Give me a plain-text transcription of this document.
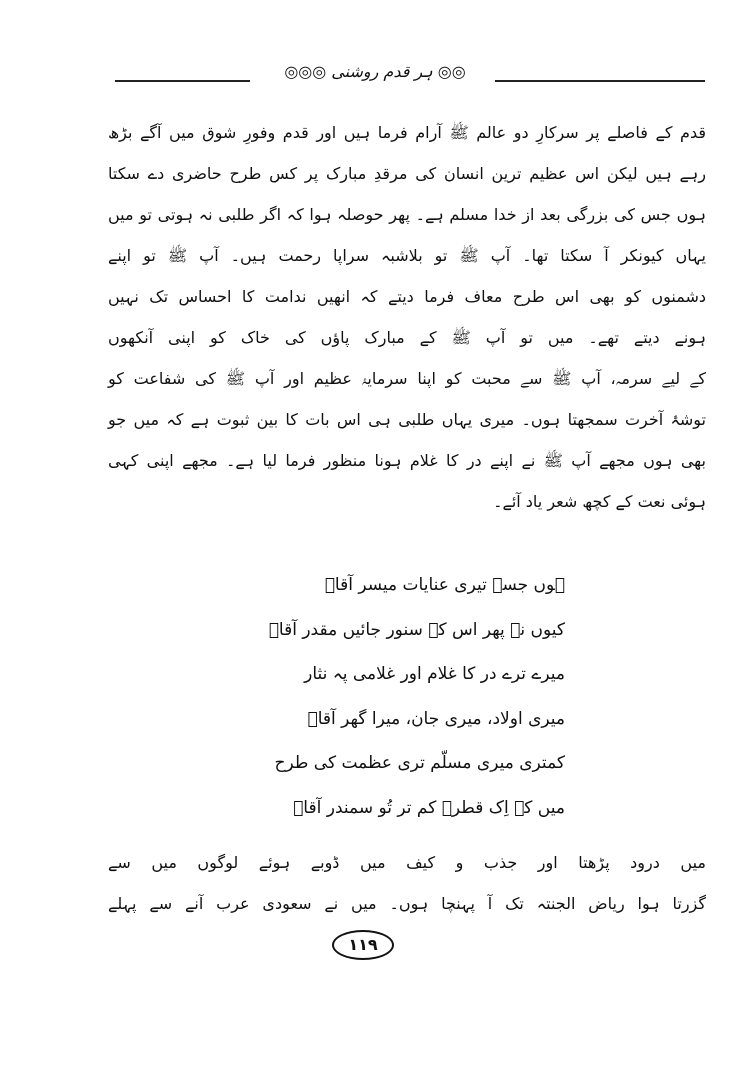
◎◎ ہر قدم روشنی ◎◎◎
قدم کے فاصلے پر سرکارِ دو عالم ﷺ آرام فرما ہیں اور قدم وفورِ شوق میں آگے بڑھ
رہے ہیں لیکن اس عظیم ترین انسان کی مرقدِ مبارک پر کس طرح حاضری دے سکتا
ہوں جس کی بزرگی بعد از خدا مسلم ہے۔ پھر حوصلہ ہوا کہ اگر طلبی نہ ہوتی تو میں
یہاں کیونکر آ سکتا تھا۔ آپ ﷺ تو بلاشبہ سراپا رحمت ہیں۔ آپ ﷺ تو اپنے
دشمنوں کو بھی اس طرح معاف فرما دیتے کہ انھیں ندامت کا احساس تک نہیں
ہونے دیتے تھے۔ میں تو آپ ﷺ کے مبارک پاؤں کی خاک کو اپنی آنکھوں
کے لیے سرمہ، آپ ﷺ سے محبت کو اپنا سرمایۂ عظیم اور آپ ﷺ کی شفاعت کو
توشۂ آخرت سمجھتا ہوں۔ میری یہاں طلبی ہی اس بات کا بین ثبوت ہے کہ میں جو
بھی ہوں مجھے آپ ﷺ نے اپنے در کا غلام ہونا منظور فرما لیا ہے۔ مجھے اپنی کہی
ہوئی نعت کے کچھ شعر یاد آئے۔
ہوں جسے تیری عنایات میسر آقاؐ
کیوں نہ پھر اس کے سنور جائیں مقدر آقاؐ
میرے ترے در کا غلام اور غلامی پہ نثار
میری اولاد، میری جان، میرا گھر آقاؐ
کمتری میری مسلّم تری عظمت کی طرح
میں کہ اِک قطرۂ کم تر تُو سمندر آقاؐ
میں درود پڑھتا اور جذب و کیف میں ڈوبے ہوئے لوگوں میں سے
گزرتا ہوا ریاض الجنتہ تک آ پہنچا ہوں۔ میں نے سعودی عرب آنے سے پہلے
۱۱۹
